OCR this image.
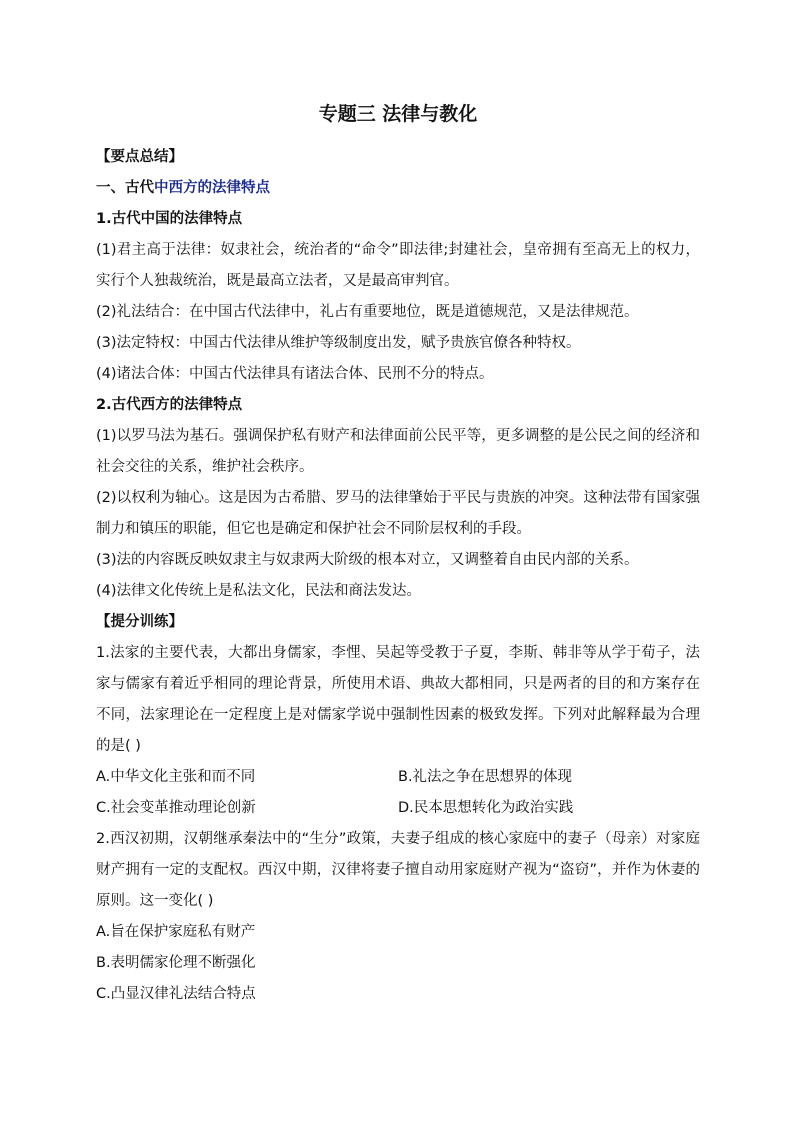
专题三 法律与教化
【要点总结】
一、古代中西方的法律特点
1.古代中国的法律特点
(1)君主高于法律：奴隶社会，统治者的“命令”即法律;封建社会，皇帝拥有至高无上的权力，实行个人独裁统治，既是最高立法者，又是最高审判官。
(2)礼法结合：在中国古代法律中，礼占有重要地位，既是道德规范，又是法律规范。
(3)法定特权：中国古代法律从维护等级制度出发，赋予贵族官僚各种特权。
(4)诸法合体：中国古代法律具有诸法合体、民刑不分的特点。
2.古代西方的法律特点
(1)以罗马法为基石。强调保护私有财产和法律面前公民平等，更多调整的是公民之间的经济和社会交往的关系，维护社会秩序。
(2)以权利为轴心。这是因为古希腊、罗马的法律肇始于平民与贵族的冲突。这种法带有国家强制力和镇压的职能，但它也是确定和保护社会不同阶层权利的手段。
(3)法的内容既反映奴隶主与奴隶两大阶级的根本对立，又调整着自由民内部的关系。
(4)法律文化传统上是私法文化，民法和商法发达。
【提分训练】
1.法家的主要代表，大都出身儒家，李悝、吴起等受教于子夏，李斯、韩非等从学于荀子，法家与儒家有着近乎相同的理论背景，所使用术语、典故大都相同，只是两者的目的和方案存在不同，法家理论在一定程度上是对儒家学说中强制性因素的极致发挥。下列对此解释最为合理的是( )
A.中华文化主张和而不同	B.礼法之争在思想界的体现
C.社会变革推动理论创新	D.民本思想转化为政治实践
2.西汉初期，汉朝继承秦法中的“生分”政策，夫妻子组成的核心家庭中的妻子（母亲）对家庭财产拥有一定的支配权。西汉中期，汉律将妻子擅自动用家庭财产视为“盗窃”，并作为休妻的原则。这一变化( )
A.旨在保护家庭私有财产
B.表明儒家伦理不断强化
C.凸显汉律礼法结合特点
